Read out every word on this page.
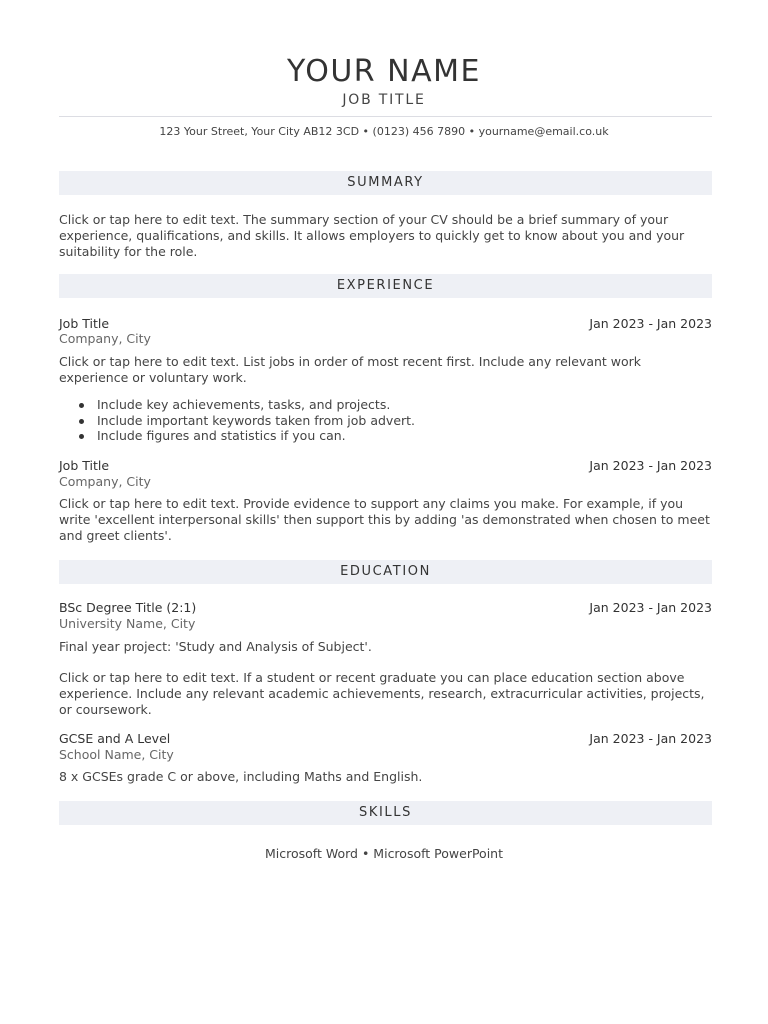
YOUR NAME
JOB TITLE
123 Your Street, Your City AB12 3CD • (0123) 456 7890 • yourname@email.co.uk
SUMMARY
Click or tap here to edit text. The summary section of your CV should be a brief summary of your experience, qualifications, and skills. It allows employers to quickly get to know about you and your suitability for the role.
EXPERIENCE
Job Title	Jan 2023 - Jan 2023
Company, City
Click or tap here to edit text. List jobs in order of most recent first. Include any relevant work experience or voluntary work.
Include key achievements, tasks, and projects.
Include important keywords taken from job advert.
Include figures and statistics if you can.
Job Title	Jan 2023 - Jan 2023
Company, City
Click or tap here to edit text. Provide evidence to support any claims you make. For example, if you write 'excellent interpersonal skills' then support this by adding 'as demonstrated when chosen to meet and greet clients'.
EDUCATION
BSc Degree Title (2:1)	Jan 2023 - Jan 2023
University Name, City
Final year project: 'Study and Analysis of Subject'.
Click or tap here to edit text. If a student or recent graduate you can place education section above experience. Include any relevant academic achievements, research, extracurricular activities, projects, or coursework.
GCSE and A Level	Jan 2023 - Jan 2023
School Name, City
8 x GCSEs grade C or above, including Maths and English.
SKILLS
Microsoft Word • Microsoft PowerPoint
